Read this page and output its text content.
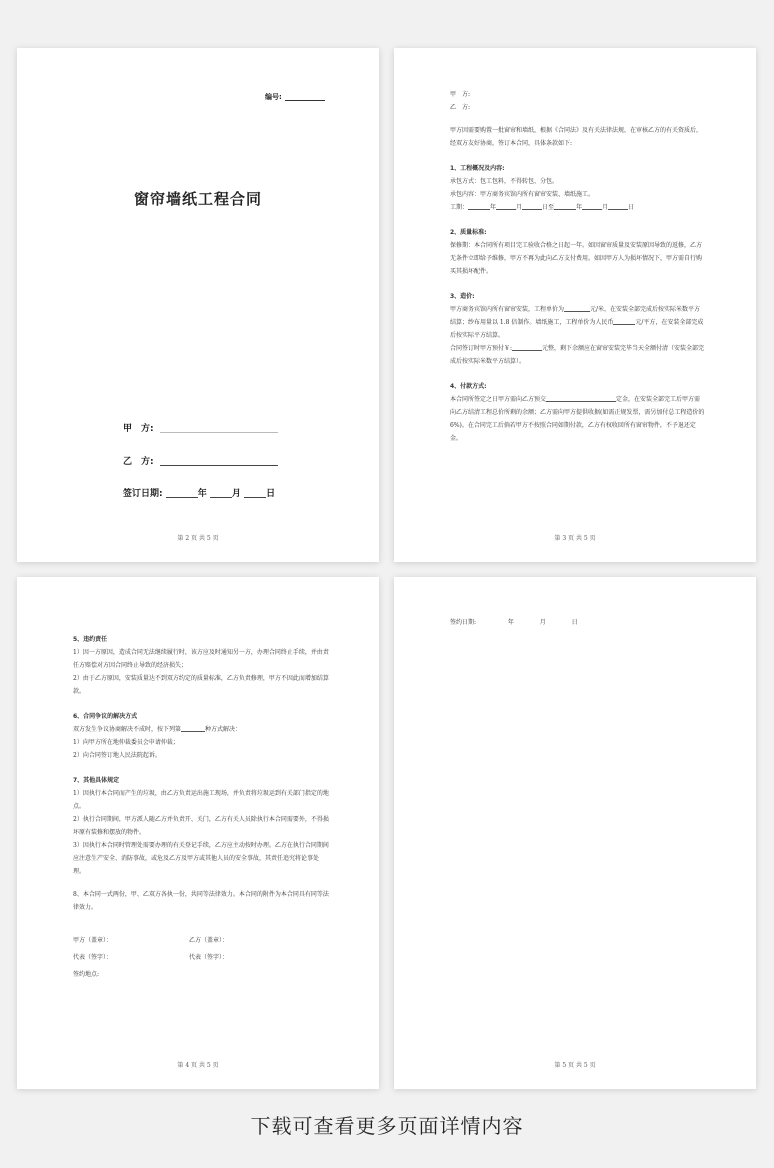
编号:
窗帘墙纸工程合同
甲　方:
乙　方:
签订日期:	年	月	日
第 2 页 共 5 页

甲　方:

乙　方:

甲方因需要购置一批窗帘和墙纸，根据《合同法》及有关法律法规，在审核乙方的有关资质后，经双方友好协商，签订本合同，具体条款如下:

1、工程概况及内容:

承包方式：包工包料，不得转包、分包。

承包内容：甲方商务宾馆内所有窗帘安装、墙纸施工。

工期：	年	月	日至	年	月	日

2、质量标准:

保修期：本合同所有项目完工验收合格之日起一年。如因窗帘质量及安装原因导致的返修，乙方无条件立即给予维修，甲方不再为此向乙方支付费用。如因甲方人为损坏情况下，甲方需自行购买其损坏配件。

3、造价:

甲方商务宾馆内所有窗帘安装，工程单价为	元/米，在安装全部完成后按实际米数平方结算；纱布用量以 1.8 倍制作。墙纸施工，工程单价为人民币	元/平方，在安装全部完成后按实际平方结算。

合同签订时甲方预付￥:	元整，剩下余额应在窗帘安装完毕当天全额付清（安装全部完成后按实际米数平方结算）。

4、付款方式:

本合同所签定之日甲方需向乙方预交	定金，在安装全部完工后甲方需向乙方结清工程总价所剩的余额；乙方需向甲方提供收据(如需正规发票，需另加付总工程造价的6%)。在合同完工后倘若甲方不按照合同如期付款，乙方有权收回所有窗帘物件，不予退还定金。

第 3 页 共 5 页

5、违约责任

1）因一方原因，造成合同无法继续履行时，该方应及时通知另一方，办理合同终止手续，并由责任方赔偿对方因合同终止导致的经济损失；

2）由于乙方原因，安装质量达不到双方约定的质量标准，乙方负责修理，甲方不因此而增加结算款。

6、合同争议的解决方式

双方发生争议协商解决不成时，按下列第	种方式解决：

1）向甲方所在地仲裁委员会申请仲裁；

2）向合同签订地人民法院起诉。

7、其他具体规定

1）因执行本合同而产生的垃圾，由乙方负责运出施工现场，并负责将垃圾运到有关部门指定的地点。

2）执行合同期间，甲方派人随乙方并负责开、关门，乙方有关人员除执行本合同需要外，不得损坏原有装修和摆放的物件。

3）因执行本合同时管理处需要办理的有关登记手续，乙方应主动按时办理。乙方在执行合同期间应注意生产安全、消防事故，或危及乙方及甲方或其他人员的安全事故，其责任追究将论事处理。

8、本合同一式两份，甲、乙双方各执一份，共同等法律效力。本合同的附件为本合同具有同等法律效力。

甲方（盖章）：	乙方（盖章）：

代表（签字）：	代表（签字）：

签约地点:

第 4 页 共 5 页
签约日期:	年	月	日
第 5 页 共 5 页
下载可查看更多页面详情内容
